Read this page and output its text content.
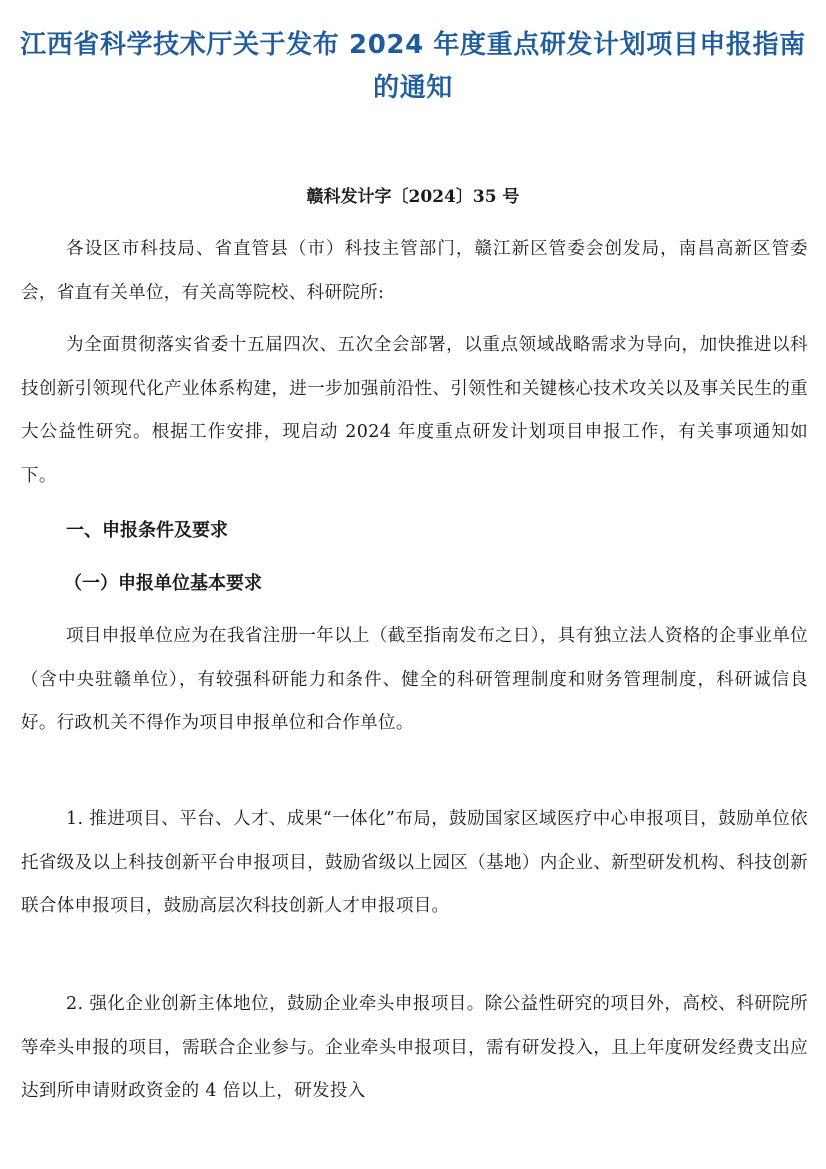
江西省科学技术厅关于发布 2024 年度重点研发计划项目申报指南的通知

赣科发计字〔2024〕35 号

各设区市科技局、省直管县（市）科技主管部门，赣江新区管委会创发局，南昌高新区管委会，省直有关单位，有关高等院校、科研院所:

为全面贯彻落实省委十五届四次、五次全会部署，以重点领域战略需求为导向，加快推进以科技创新引领现代化产业体系构建，进一步加强前沿性、引领性和关键核心技术攻关以及事关民生的重大公益性研究。根据工作安排，现启动 2024 年度重点研发计划项目申报工作，有关事项通知如下。

一、申报条件及要求
（一）申报单位基本要求

项目申报单位应为在我省注册一年以上（截至指南发布之日），具有独立法人资格的企事业单位（含中央驻赣单位），有较强科研能力和条件、健全的科研管理制度和财务管理制度，科研诚信良好。行政机关不得作为项目申报单位和合作单位。

1. 推进项目、平台、人才、成果“一体化”布局，鼓励国家区域医疗中心申报项目，鼓励单位依托省级及以上科技创新平台申报项目，鼓励省级以上园区（基地）内企业、新型研发机构、科技创新联合体申报项目，鼓励高层次科技创新人才申报项目。

2. 强化企业创新主体地位，鼓励企业牵头申报项目。除公益性研究的项目外，高校、科研院所等牵头申报的项目，需联合企业参与。企业牵头申报项目，需有研发投入，且上年度研发经费支出应达到所申请财政资金的 4 倍以上，研发投入
